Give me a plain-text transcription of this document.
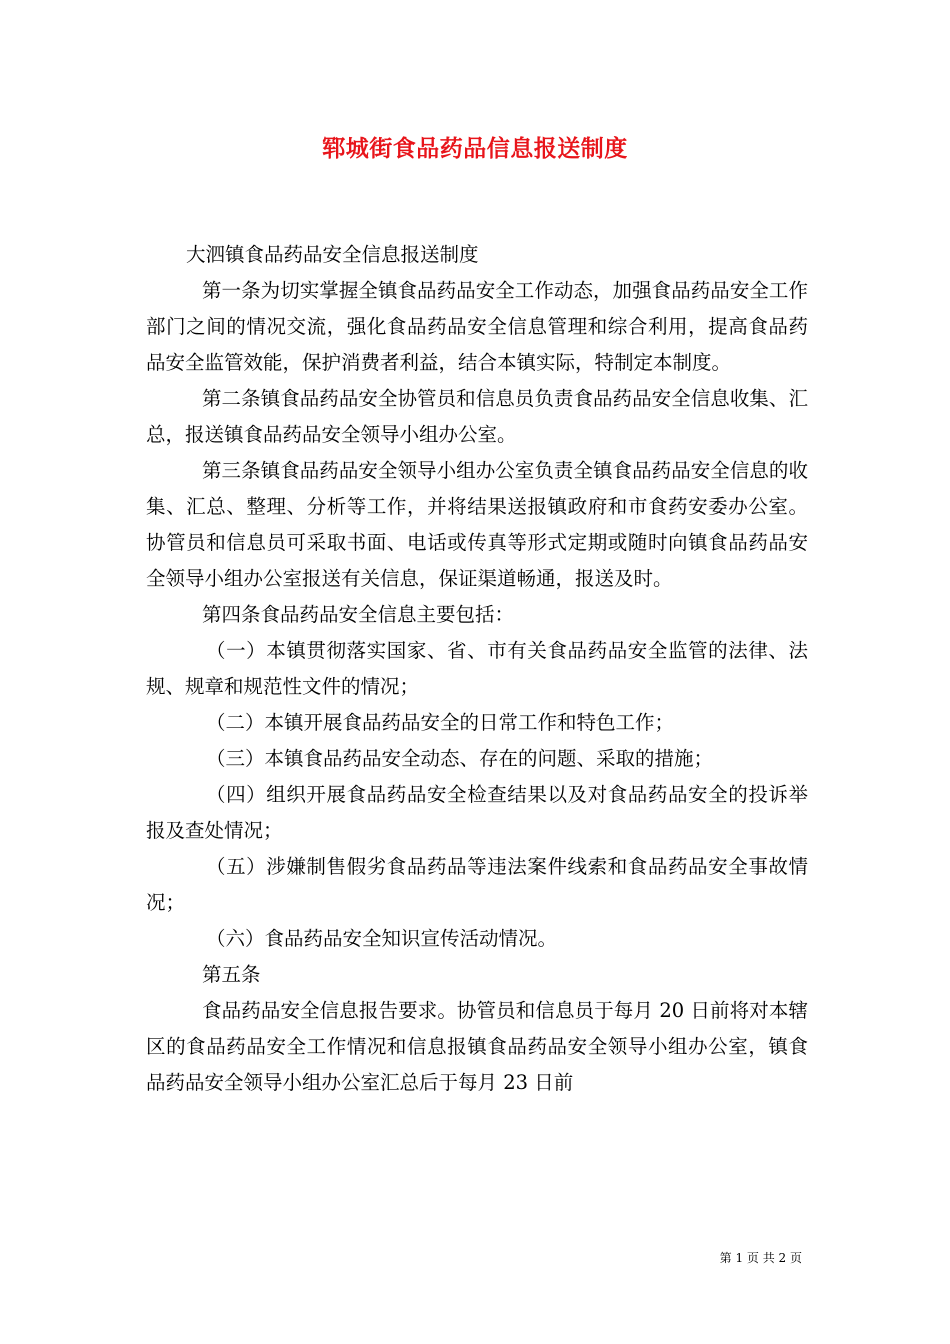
郓城街食品药品信息报送制度

大泗镇食品药品安全信息报送制度

第一条为切实掌握全镇食品药品安全工作动态，加强食品药品安全工作部门之间的情况交流，强化食品药品安全信息管理和综合利用，提高食品药品安全监管效能，保护消费者利益，结合本镇实际，特制定本制度。

第二条镇食品药品安全协管员和信息员负责食品药品安全信息收集、汇总，报送镇食品药品安全领导小组办公室。

第三条镇食品药品安全领导小组办公室负责全镇食品药品安全信息的收集、汇总、整理、分析等工作，并将结果送报镇政府和市食药安委办公室。协管员和信息员可采取书面、电话或传真等形式定期或随时向镇食品药品安全领导小组办公室报送有关信息，保证渠道畅通，报送及时。

第四条食品药品安全信息主要包括：

（一）本镇贯彻落实国家、省、市有关食品药品安全监管的法律、法规、规章和规范性文件的情况；

（二）本镇开展食品药品安全的日常工作和特色工作；

（三）本镇食品药品安全动态、存在的问题、采取的措施；

（四）组织开展食品药品安全检查结果以及对食品药品安全的投诉举报及查处情况；

（五）涉嫌制售假劣食品药品等违法案件线索和食品药品安全事故情况；

（六）食品药品安全知识宣传活动情况。

第五条

食品药品安全信息报告要求。协管员和信息员于每月 20 日前将对本辖区的食品药品安全工作情况和信息报镇食品药品安全领导小组办公室，镇食品药品安全领导小组办公室汇总后于每月 23 日前

第 1 页 共 2 页
